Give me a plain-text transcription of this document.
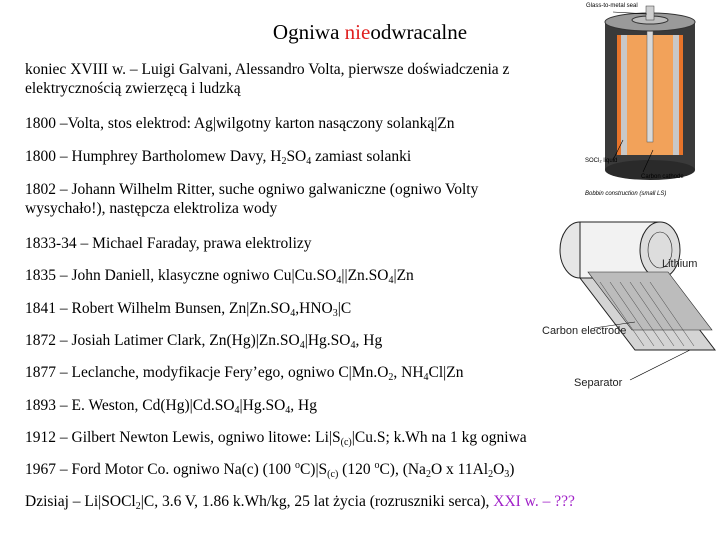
Ogniwa nieodwracalne
koniec XVIII w. – Luigi Galvani, Alessandro Volta, pierwsze doświadczenia z
elektrycznością zwierzęcą i ludzką
1800 –Volta, stos elektrod: Ag|wilgotny karton nasączony solanką|Zn
1800 – Humphrey Bartholomew Davy, $H_2SO_4$ zamiast solanki
1802 – Johann Wilhelm Ritter, suche ogniwo galwaniczne (ogniwo Volty
wysychało!), następcza elektroliza wody
1833-34 – Michael Faraday, prawa elektrolizy
1835 – John Daniell, klasyczne ogniwo $Cu|Cu.SO_4||Zn.SO_4|Zn$
1841 – Robert Wilhelm Bunsen, $Zn|Zn.SO_4,HNO_3|C$
1872 – Josiah Latimer Clark, $Zn(Hg)|Zn.SO_4|Hg.SO_4$, Hg
1877 – Leclanche, modyfikacje Fery’ego, ogniwo $C|Mn.O_2$, $NH_4Cl|Zn$
1893 – E. Weston, $Cd(Hg)|Cd.SO_4|Hg.SO_4$, Hg
1912 – Gilbert Newton Lewis, ogniwo litowe: $Li|S_{(c)}|Cu.S$; k.Wh na 1 kg ogniwa
1967 – Ford Motor Co. ogniwo Na(c) (100 $^oC)|S_{(c)}$ (120 $^o$C), ($Na_2O$ x $11Al_2O_3$)
Dzisiaj – Li|SOCl$_2$|C, 3.6 V, 1.86 k.Wh/kg, 25 lat życia (rozruszniki serca), XXI w. – ???
Glass-to-metal seal
SOCl₂ liquid
Carbon cathode
Bobbin construction (small LS)
Lithium
Carbon electrode
Separator
